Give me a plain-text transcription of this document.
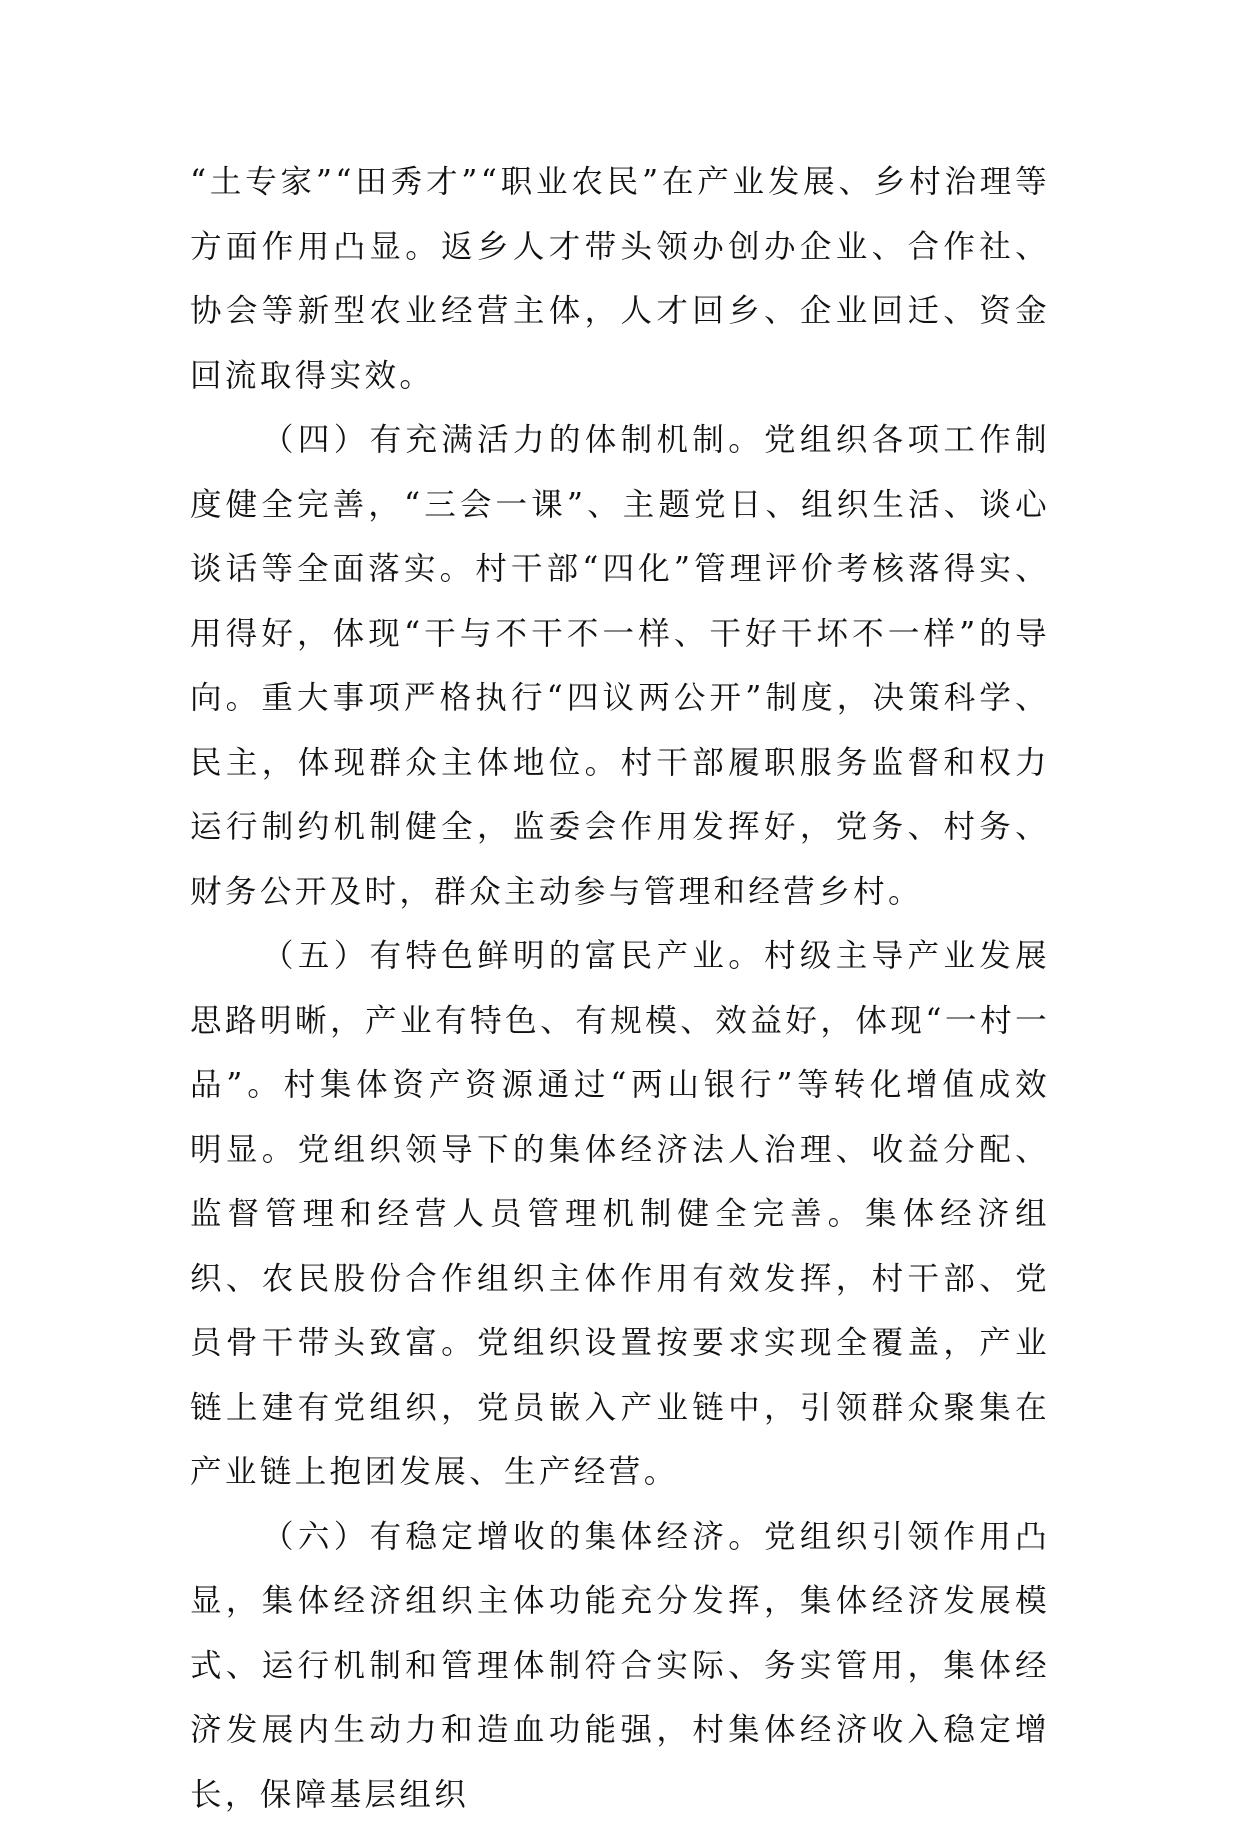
“土专家”“田秀才”“职业农民”在产业发展、乡村治理等方面作用凸显。返乡人才带头领办创办企业、合作社、协会等新型农业经营主体，人才回乡、企业回迁、资金回流取得实效。

（四）有充满活力的体制机制。党组织各项工作制度健全完善，“三会一课”、主题党日、组织生活、谈心谈话等全面落实。村干部“四化”管理评价考核落得实、用得好，体现“干与不干不一样、干好干坏不一样”的导向。重大事项严格执行“四议两公开”制度，决策科学、民主，体现群众主体地位。村干部履职服务监督和权力运行制约机制健全，监委会作用发挥好，党务、村务、财务公开及时，群众主动参与管理和经营乡村。

（五）有特色鲜明的富民产业。村级主导产业发展思路明晰，产业有特色、有规模、效益好，体现“一村一品”。村集体资产资源通过“两山银行”等转化增值成效明显。党组织领导下的集体经济法人治理、收益分配、监督管理和经营人员管理机制健全完善。集体经济组织、农民股份合作组织主体作用有效发挥，村干部、党员骨干带头致富。党组织设置按要求实现全覆盖，产业链上建有党组织，党员嵌入产业链中，引领群众聚集在产业链上抱团发展、生产经营。

（六）有稳定增收的集体经济。党组织引领作用凸显，集体经济组织主体功能充分发挥，集体经济发展模式、运行机制和管理体制符合实际、务实管用，集体经济发展内生动力和造血功能强，村集体经济收入稳定增长，保障基层组织
